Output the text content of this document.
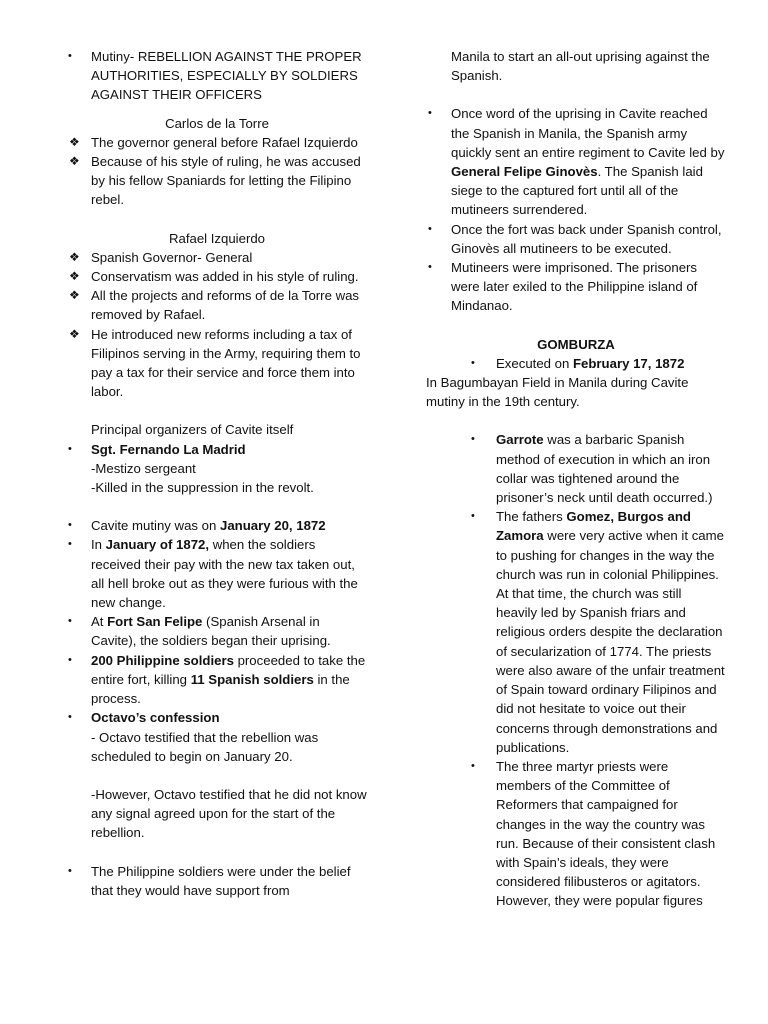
• Mutiny- REBELLION AGAINST THE PROPER AUTHORITIES, ESPECIALLY BY SOLDIERS AGAINST THEIR OFFICERS

Carlos de la Torre

❖ The governor general before Rafael Izquierdo
❖ Because of his style of ruling, he was accused by his fellow Spaniards for letting the Filipino rebel.

Rafael Izquierdo

❖ Spanish Governor- General
❖ Conservatism was added in his style of ruling.
❖ All the projects and reforms of de la Torre was removed by Rafael.
❖ He introduced new reforms including a tax of Filipinos serving in the Army, requiring them to pay a tax for their service and force them into labor.

Principal organizers of Cavite itself

• Sgt. Fernando La Madrid

-Mestizo sergeant

-Killed in the suppression in the revolt.

• Cavite mutiny was on January 20, 1872
• In January of 1872, when the soldiers received their pay with the new tax taken out, all hell broke out as they were furious with the new change.
• At Fort San Felipe (Spanish Arsenal in Cavite), the soldiers began their uprising.
• 200 Philippine soldiers proceeded to take the entire fort, killing 11 Spanish soldiers in the process.
• Octavo’s confession

- Octavo testified that the rebellion was scheduled to begin on January 20.

-However, Octavo testified that he did not know any signal agreed upon for the start of the rebellion.

• The Philippine soldiers were under the belief that they would have support from

Manila to start an all-out uprising against the Spanish.

• Once word of the uprising in Cavite reached the Spanish in Manila, the Spanish army quickly sent an entire regiment to Cavite led by General Felipe Ginovès. The Spanish laid siege to the captured fort until all of the mutineers surrendered.
• Once the fort was back under Spanish control, Ginovès all mutineers to be executed.
• Mutineers were imprisoned. The prisoners were later exiled to the Philippine island of Mindanao.

GOMBURZA

• Executed on February 17, 1872

In Bagumbayan Field in Manila during Cavite mutiny in the 19th century.

• Garrote was a barbaric Spanish method of execution in which an iron collar was tightened around the prisoner’s neck until death occurred.)
• The fathers Gomez, Burgos and Zamora were very active when it came to pushing for changes in the way the church was run in colonial Philippines. At that time, the church was still heavily led by Spanish friars and religious orders despite the declaration of secularization of 1774. The priests were also aware of the unfair treatment of Spain toward ordinary Filipinos and did not hesitate to voice out their concerns through demonstrations and publications.
• The three martyr priests were members of the Committee of Reformers that campaigned for changes in the way the country was run. Because of their consistent clash with Spain’s ideals, they were considered filibusteros or agitators. However, they were popular figures
